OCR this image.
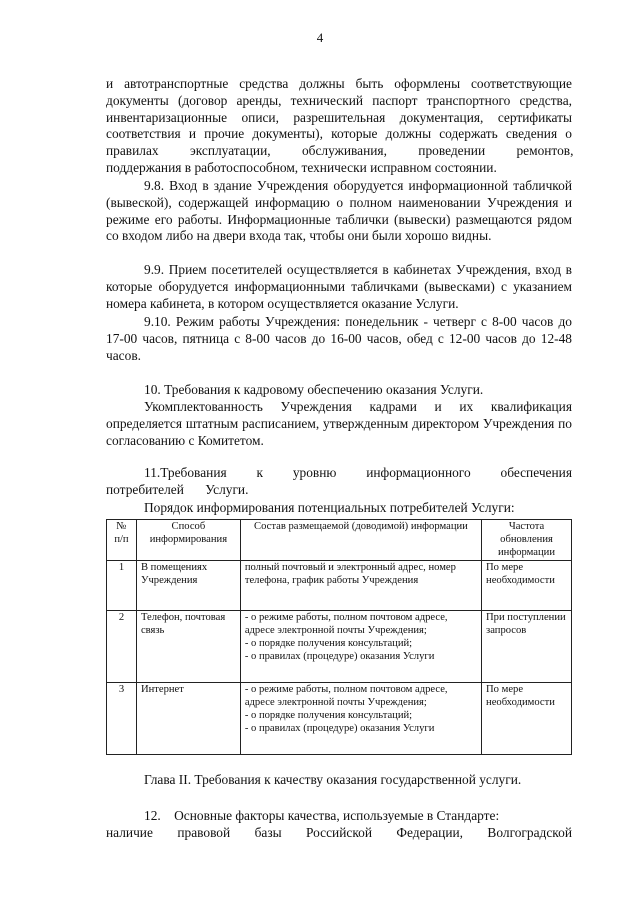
4
и автотранспортные средства должны быть оформлены соответствующие
документы (договор аренды, технический паспорт транспортного средства,
инвентаризационные описи, разрешительная документация, сертификаты
соответствия и прочие документы), которые должны содержать сведения о
правилах эксплуатации, обслуживания, проведении ремонтов,
поддержания в работоспособном, технически исправном состоянии.
9.8. Вход в здание Учреждения оборудуется информационной табличкой (вывеской), содержащей информацию о полном наименовании Учреждения и режиме его работы. Информационные таблички (вывески) размещаются рядом со входом либо на двери входа так, чтобы они были хорошо видны.
9.9. Прием посетителей осуществляется в кабинетах Учреждения, вход в которые оборудуется информационными табличками (вывесками) с указанием номера кабинета, в котором осуществляется оказание Услуги.
9.10. Режим работы Учреждения: понедельник - четверг с 8-00 часов до 17-00 часов, пятница с 8-00 часов до 16-00 часов, обед с 12-00 часов до 12-48 часов.
10. Требования к кадровому обеспечению оказания Услуги.
Укомплектованность Учреждения кадрами и их квалификация определяется штатным расписанием, утвержденным директором Учреждения по согласованию с Комитетом.
11.Требования к уровню информационного обеспечения потребителей Услуги.
Порядок информирования потенциальных потребителей Услуги:
№ п/п	Способ информирования	Состав размещаемой (доводимой) информации	Частота обновления информации
1	В помещениях Учреждения	полный почтовый и электронный адрес, номер телефона, график работы Учреждения	По мере необходимости
2	Телефон, почтовая связь	- о режиме работы, полном почтовом адресе, адресе электронной почты Учреждения;
- о порядке получения консультаций;
- о правилах (процедуре) оказания Услуги	При поступлении запросов
3	Интернет	- о режиме работы, полном почтовом адресе, адресе электронной почты Учреждения;
- о порядке получения консультаций;
- о правилах (процедуре) оказания Услуги	По мере необходимости
Глава II. Требования к качеству оказания государственной услуги.
12.    Основные факторы качества, используемые в Стандарте:
наличие правовой базы Российской Федерации, Волгоградской
